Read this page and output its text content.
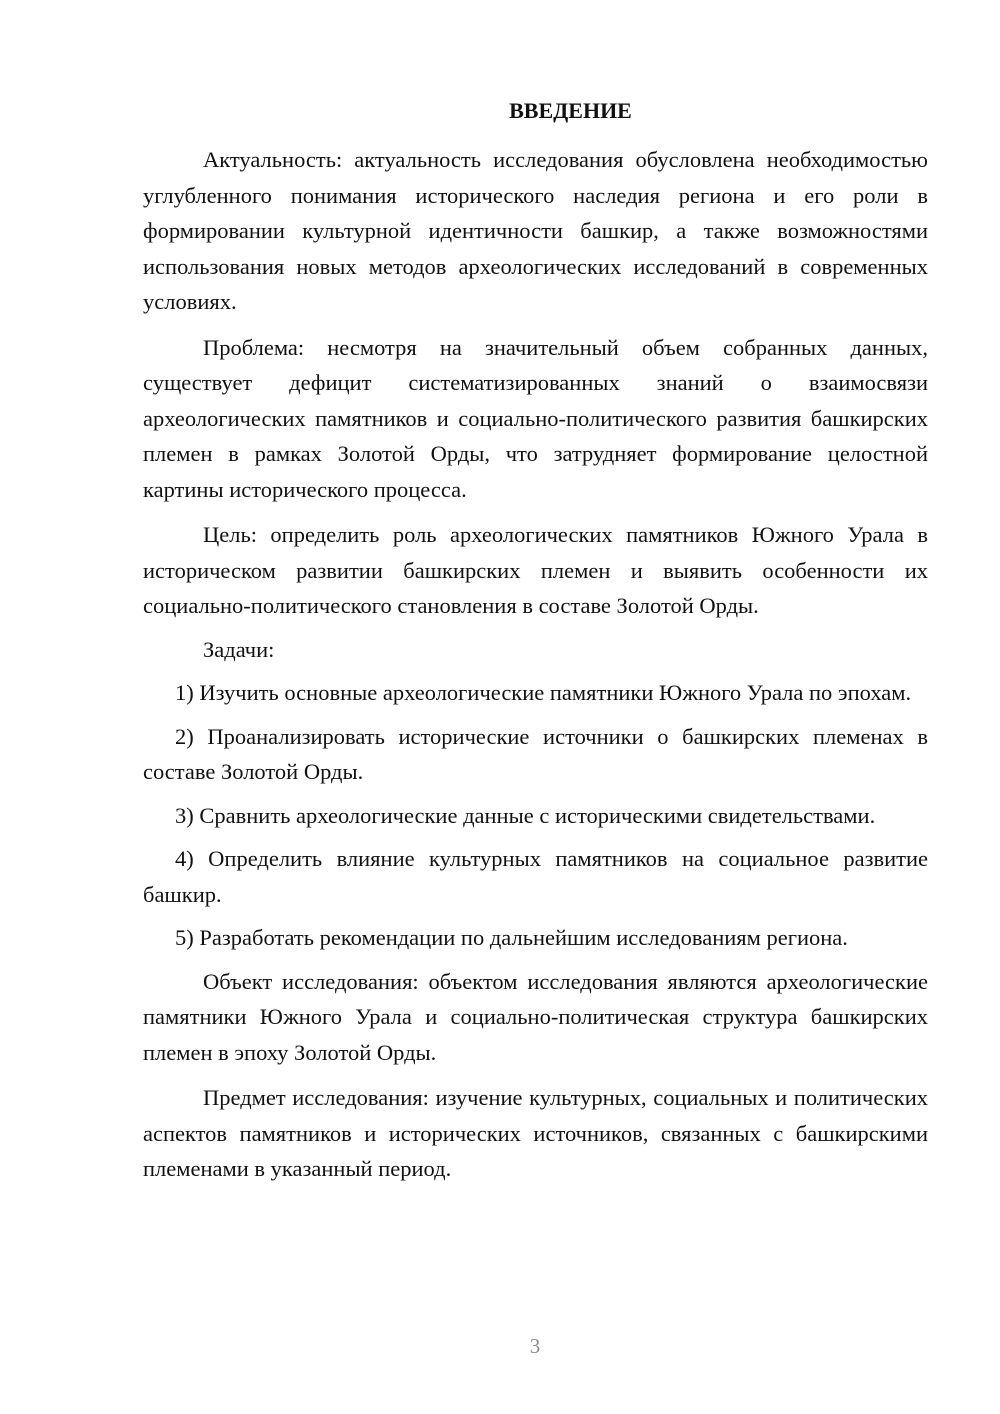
ВВЕДЕНИЕ

Актуальность: актуальность исследования обусловлена необходимостью углубленного понимания исторического наследия региона и его роли в формировании культурной идентичности башкир, а также возможностями использования новых методов археологических исследований в современных условиях.

Проблема: несмотря на значительный объем собранных данных, существует дефицит систематизированных знаний о взаимосвязи археологических памятников и социально-политического развития башкирских племен в рамках Золотой Орды, что затрудняет формирование целостной картины исторического процесса.

Цель: определить роль археологических памятников Южного Урала в историческом развитии башкирских племен и выявить особенности их социально-политического становления в составе Золотой Орды.

Задачи:

1) Изучить основные археологические памятники Южного Урала по эпохам.

2) Проанализировать исторические источники о башкирских племенах в составе Золотой Орды.

3) Сравнить археологические данные с историческими свидетельствами.

4) Определить влияние культурных памятников на социальное развитие башкир.

5) Разработать рекомендации по дальнейшим исследованиям региона.

Объект исследования: объектом исследования являются археологические памятники Южного Урала и социально-политическая структура башкирских племен в эпоху Золотой Орды.

Предмет исследования: изучение культурных, социальных и политических аспектов памятников и исторических источников, связанных с башкирскими племенами в указанный период.

3
